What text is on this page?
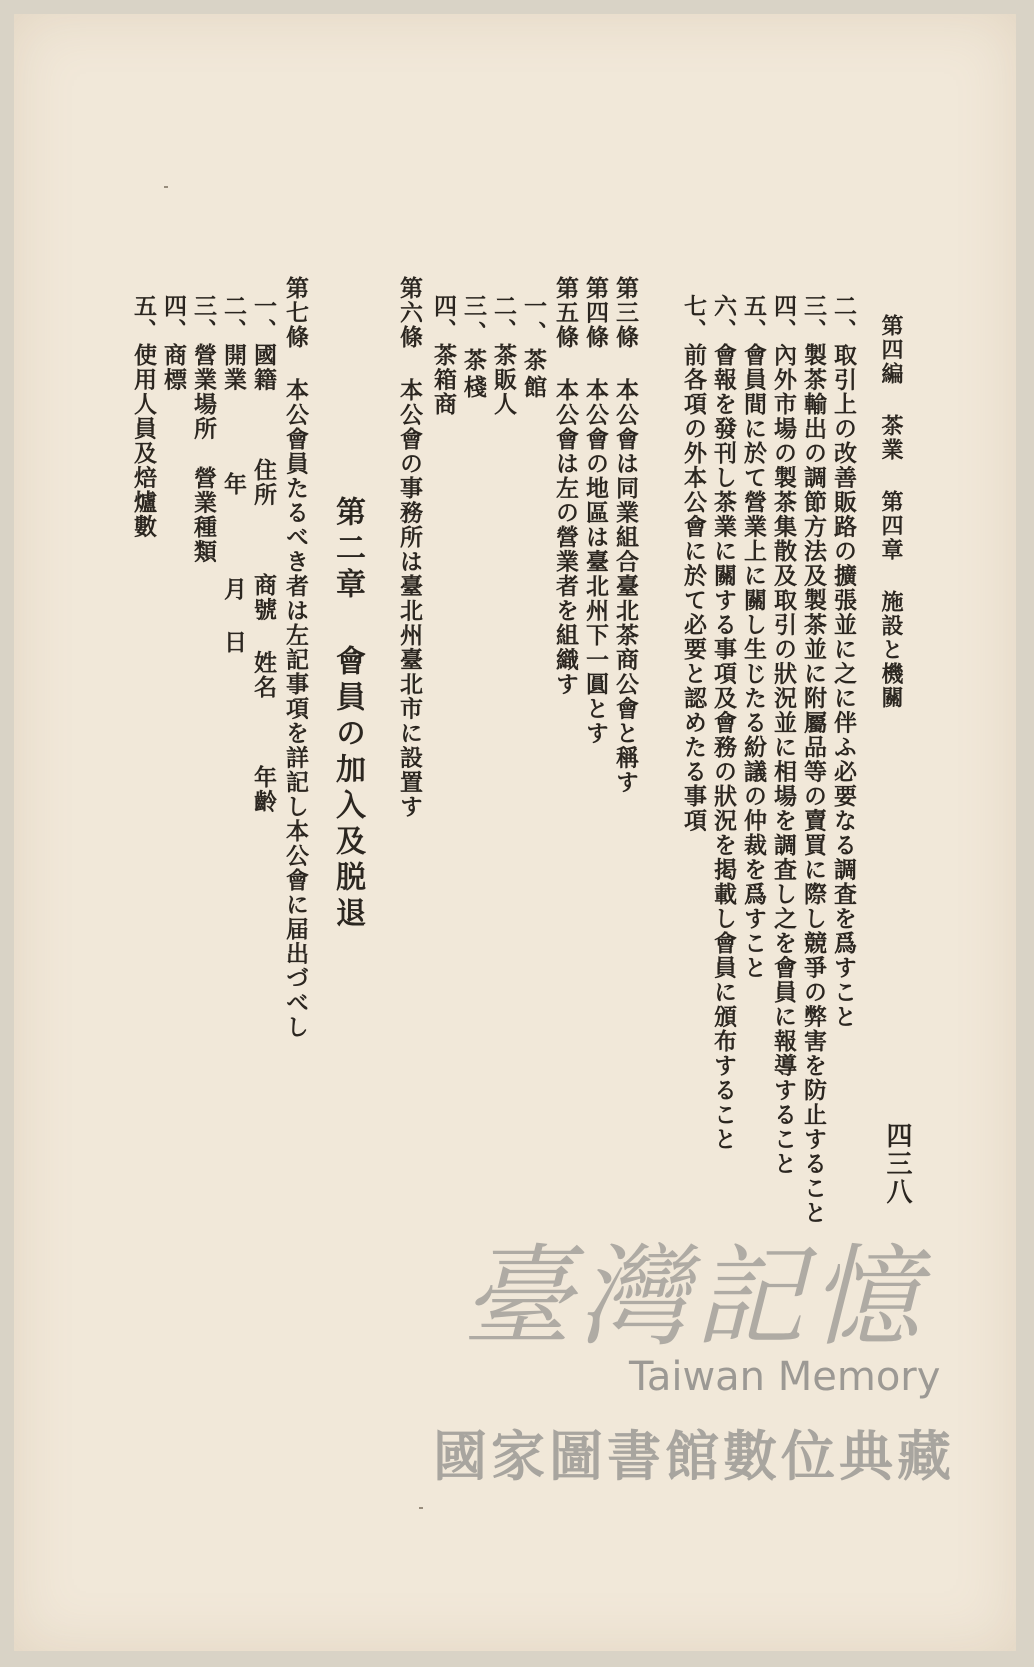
第四編 茶業 第四章 施設と機關
四三八
二、取引上の改善販路の擴張並に之に伴ふ必要なる調査を爲すこと
三、製茶輸出の調節方法及製茶並に附屬品等の賣買に際し競爭の弊害を防止すること
四、內外市場の製茶集散及取引の狀況並に相場を調査し之を會員に報導すること
五、會員間に於て營業上に關し生じたる紛議の仲裁を爲すこと
六、會報を發刊し茶業に關する事項及會務の狀況を掲載し會員に頒布すること
七、前各項の外本公會に於て必要と認めたる事項
第三條 本公會は同業組合臺北茶商公會と稱す
第四條 本公會の地區は臺北州下一圓とす
第五條 本公會は左の營業者を組織す
一、茶館
二、茶販人
三、茶棧
四、茶箱商
第六條 本公會の事務所は臺北州臺北市に設置す
第二章 會員の加入及脱退
第七條 本公會員たるべき者は左記事項を詳記し本公會に届出づべし
一、國籍
住所
商號 姓名
年齡
二、開業
年
月 日
三、營業場所
營業種類
四、商標
五、使用人員及焙爐數
臺灣記憶
Taiwan Memory
國家圖書館數位典藏
